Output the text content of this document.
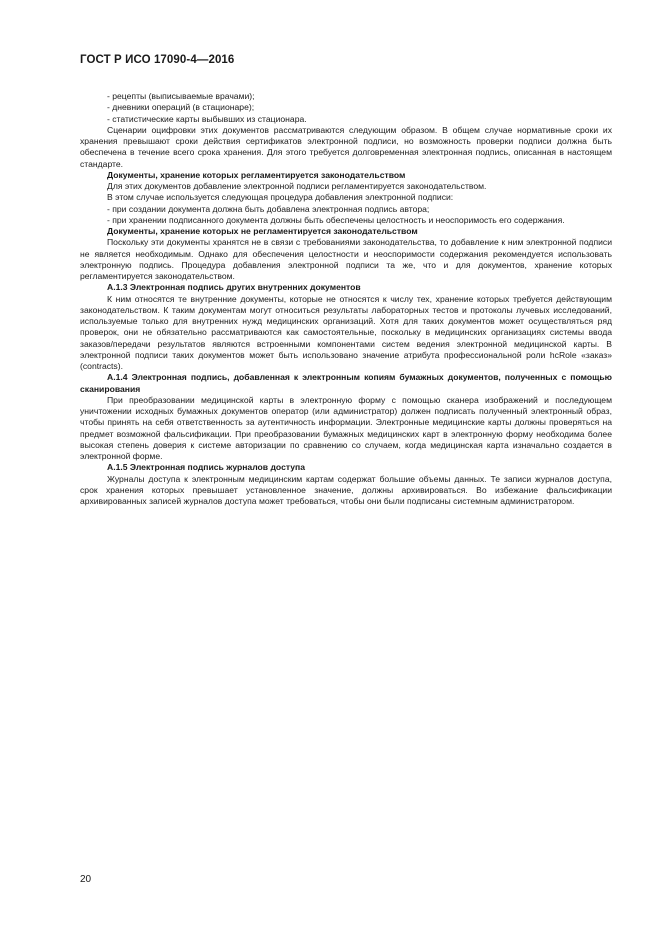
ГОСТ Р ИСО 17090-4—2016

- рецепты (выписываемые врачами);

- дневники операций (в стационаре);

- статистические карты выбывших из стационара.

Сценарии оцифровки этих документов рассматриваются следующим образом. В общем случае нормативные сроки их хранения превышают сроки действия сертификатов электронной подписи, но возможность проверки подписи должна быть обеспечена в течение всего срока хранения. Для этого требуется долговременная электронная подпись, описанная в настоящем стандарте.

Документы, хранение которых регламентируется законодательством

Для этих документов добавление электронной подписи регламентируется законодательством.

В этом случае используется следующая процедура добавления электронной подписи:

- при создании документа должна быть добавлена электронная подпись автора;

- при хранении подписанного документа должны быть обеспечены целостность и неоспоримость его содержания.

Документы, хранение которых не регламентируется законодательством

Поскольку эти документы хранятся не в связи с требованиями законодательства, то добавление к ним электронной подписи не является необходимым. Однако для обеспечения целостности и неоспоримости содержания рекомендуется использовать электронную подпись. Процедура добавления электронной подписи та же, что и для документов, хранение которых регламентируется законодательством.

А.1.3 Электронная подпись других внутренних документов

К ним относятся те внутренние документы, которые не относятся к числу тех, хранение которых требуется действующим законодательством. К таким документам могут относиться результаты лабораторных тестов и протоколы лучевых исследований, используемые только для внутренних нужд медицинских организаций. Хотя для таких документов может осуществляться ряд проверок, они не обязательно рассматриваются как самостоятельные, поскольку в медицинских организациях системы ввода заказов/передачи результатов являются встроенными компонентами систем ведения электронной медицинской карты. В электронной подписи таких документов может быть использовано значение атрибута профессиональной роли hcRole «заказ» (contracts).

А.1.4 Электронная подпись, добавленная к электронным копиям бумажных документов, полученных с помощью сканирования

При преобразовании медицинской карты в электронную форму с помощью сканера изображений и последующем уничтожении исходных бумажных документов оператор (или администратор) должен подписать полученный электронный образ, чтобы принять на себя ответственность за аутентичность информации. Электронные медицинские карты должны проверяться на предмет возможной фальсификации. При преобразовании бумажных медицинских карт в электронную форму необходима более высокая степень доверия к системе авторизации по сравнению со случаем, когда медицинская карта изначально создается в электронной форме.

А.1.5 Электронная подпись журналов доступа

Журналы доступа к электронным медицинским картам содержат большие объемы данных. Те записи журналов доступа, срок хранения которых превышает установленное значение, должны архивироваться. Во избежание фальсификации архивированных записей журналов доступа может требоваться, чтобы они были подписаны системным администратором.

20
